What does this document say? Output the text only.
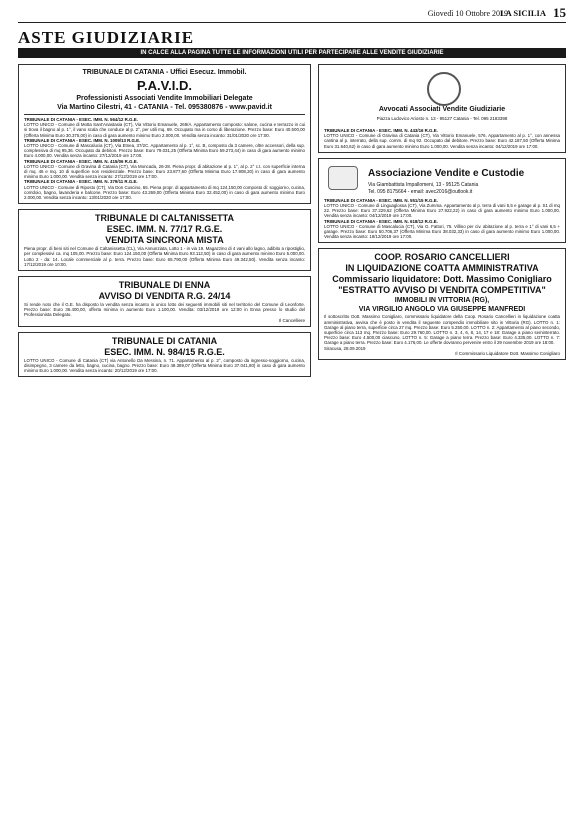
Giovedì 10 Ottobre 2019
LA SICILIA 15
ASTE GIUDIZIARIE
IN CALCE ALLA PAGINA TUTTE LE INFORMAZIONI UTILI PER PARTECIPARE ALLE VENDITE GIUDIZIARIE
TRIBUNALE DI CATANIA - Uffici Esecuz. Immobil.
P.A.V.I.D.
Professionisti Associati Vendite Immobiliari Delegate
Via Martino Cilestri, 41 - CATANIA - Tel. 095380876 - www.pavid.it
TRIBUNALE DI CATANIA - ESEC. IMM. N. 564/12 R.G.E.
LOTTO UNICO - Comune di Motta Sant'Anastasia (CT), Via Vittorio Emanuele, 269/A. Appartamento composto: salone, cucina e terrazzo in cui si trova il bagno al p. 1°, il vano scala che conduce al p. 2°, per utili mq. 69. Occupato ma in corso di liberazione. Prezzo base: Euro 40.500,00 (Offerta Minima Euro 30.375,00) in caso di gara aumento minimo Euro 2.000,00. Vendita senza incanto: 31/01/2020 ore 17:00.
TRIBUNALE DI CATANIA - ESEC. IMM. N. 1009/13 R.G.E.
LOTTO UNICO - Comune di Mascalucia (CT), Via Etnea, 37/2C. Appartamento al p. 1°, sc. B, composto da 3 camere, oltre accessori, della sup. complessiva di mq 95,36. Occupato da debitori. Prezzo base: Euro 79.031,25 (Offerta Minima Euro 59.273,44) in caso di gara aumento minimo Euro 4.000,00. Vendita senza incanto: 27/12/2019 ore 17:00.
TRIBUNALE DI CATANIA - ESEC. IMM. N. 415/06 R.G.E.
LOTTO UNICO - Comune di Gravina di Catania (CT), Via Moncada, 26-28. Piena propr. di abitazione al p. 1°, al p. 2° c.t. con superficie interna di mq. 46 e mq. 10 di superficie non residenziale. Prezzo base: Euro 23.877,60 (Offerta Minima Euro 17.908,20) in caso di gara aumento minimo Euro 1.000,00. Vendita senza incanto: 27/12/2019 ore 17:00.
TRIBUNALE DI CATANIA - ESEC. IMM. N. 379/11 R.G.E.
LOTTO UNICO - Comune di Riposto (CT), Via Don Cuscino, 65. Piena propr. di appartamento di mq 124,150,00 composto di: soggiorno, cucina, corridoio, bagno, lavanderia e balcone. Prezzo base: Euro 43.269,00 (Offerta Minima Euro 32.452,00) in caso di gara aumento minimo Euro 2.000,00. Vendita senza incanto: 13/01/2020 ore 17:00.
TRIBUNALE DI CALTANISSETTA
ESEC. IMM. N. 77/17 R.G.E.
VENDITA SINCRONA MISTA
Piena propr. di beni siti nel Comune di Caltanissetta (CL), Via Annunziata, Lotto 1 - in via 19. Magazzino di 4 vani allo lagno, adibito a ripostiglio, per complessivi ca. mq 105,00. Prezzo base: Euro 124.150,00 (Offerta Minima Euro 93.112,50) in caso di gara aumento minimo Euro 5.000,00. Lotto 2 - da: 14. Locale commerciale al p. terra. Prezzo base: Euro 65.790,00 (Offerta Minima Euro 49.342,50). Vendita senza incanto: 17/12/2019 ore 10:00.
TRIBUNALE DI ENNA
AVVISO DI VENDITA R.G. 24/14
Si rende noto che il G.E. ha disposto la vendita senza incanto in unico lotto dei seguenti immobili siti nel territorio del Comune di Leonforte. Prezzo base: Euro 36.400,00, offerta minima in aumento Euro 1.100,00. Vendita: 03/12/2019 ore 12:00 in Enna presso lo studio del Professionista Delegato.
Il Cancelliere
TRIBUNALE DI CATANIA
ESEC. IMM. N. 984/15 R.G.E.
LOTTO UNICO - Comune di Catania (CT) via Antonello Da Messina, n. 71. Appartamento al p. 2°, composto da ingresso-soggiorno, cucina, disimpegno, 3 camere da letto, bagno, cucina, bagno. Prezzo base: Euro 49.389,07 (Offerta Minima Euro 37.041,80) in caso di gara aumento minimo Euro 1.000,00. Vendita senza incanto: 20/12/2019 ore 17:00.
Avvocati Associati Vendite Giudiziarie
Piazza Ludovico Ariosto n. 13 - 95127 Catania - Tel. 095 2183398
TRIBUNALE DI CATANIA - ESEC. IMM. N. 443/16 R.G.E.
LOTTO UNICO - Comune di Gravina di Catania (CT), Via Vittorio Emanuele, 576. Appartamento al p. 1°, con annessa cantina al p. interrato, della sup. comm. di mq 92. Occupato dal debitore. Prezzo base: Euro 42.187,50 (Offerta Minima Euro 31.640,62) in caso di gara aumento minimo Euro 1.000,00. Vendita senza incanto: 04/12/2019 ore 17:00.
Associazione Vendite e Custodie
Via Giambattista Impallomeni, 13 - 95125 Catania
Tel. 095 8175664 - email: avec2016@outlook.it
TRIBUNALE DI CATANIA - ESEC. IMM. N. 551/15 R.G.E.
LOTTO UNICO - Comune di Linguaglossa (CT), Via Zumma. Appartamento al p. terra di vani 5,5 e garage al p. S1 di mq 22. Prezzo base: Euro 37.229,62 (Offerta Minima Euro 27.922,22) in caso di gara aumento minimo Euro 1.000,00. Vendita senza incanto: 04/12/2019 ore 17:00.
TRIBUNALE DI CATANIA - ESEC. IMM. N. 618/12 R.G.E.
LOTTO UNICO - Comune di Mascalucia (CT), Via G. Fattori, 75. Villino per civ. abitazione al p. terra e 1° di vani 6,5 + garage. Prezzo base: Euro 50.706,37 (Offerta Minima Euro 38.032,33) in caso di gara aumento minimo Euro 1.000,00. Vendita senza incanto: 18/12/2019 ore 17:00.
COOP. ROSARIO CANCELLIERI
IN LIQUIDAZIONE COATTA AMMINISTRATIVA
Commissario liquidatore: Dott. Massimo Conigliaro
"ESTRATTO AVVISO DI VENDITA COMPETITIVA"
IMMOBILI IN VITTORIA (RG),
VIA VIRGILIO ANGOLO VIA GIUSEPPE MANFREDI
Il sottoscritto Dott. Massimo Conigliaro, commissario liquidatore della Coop. Rosario Cancellieri in liquidazione coatta amministrativa, avvisa che è posto in vendita il seguente compendio immobiliare sito in Vittoria (RG). LOTTO n. 1: Garage al piano terra, superficie circa 27 mq. Prezzo base: Euro 5.250,00. LOTTO n. 2: Appartamento al piano secondo, superficie circa 113 mq. Prezzo base: Euro 29.760,00. LOTTO n. 3, 4, 6, 8, 14, 17 e 18: Garage a piano seminterrato. Prezzo base: Euro 4.500,00 ciascuno. LOTTO n. 5: Garage a piano terra. Prezzo base: Euro 4.335,00. LOTTO n. 7: Garage a piano terra. Prezzo base: Euro 4.176,00. Le offerte dovranno pervenire entro il 29 novembre 2019 ore 18:00.
Siracusa, 28.09.2019
Il Commissario Liquidatore Dott. Massimo Conigliaro
